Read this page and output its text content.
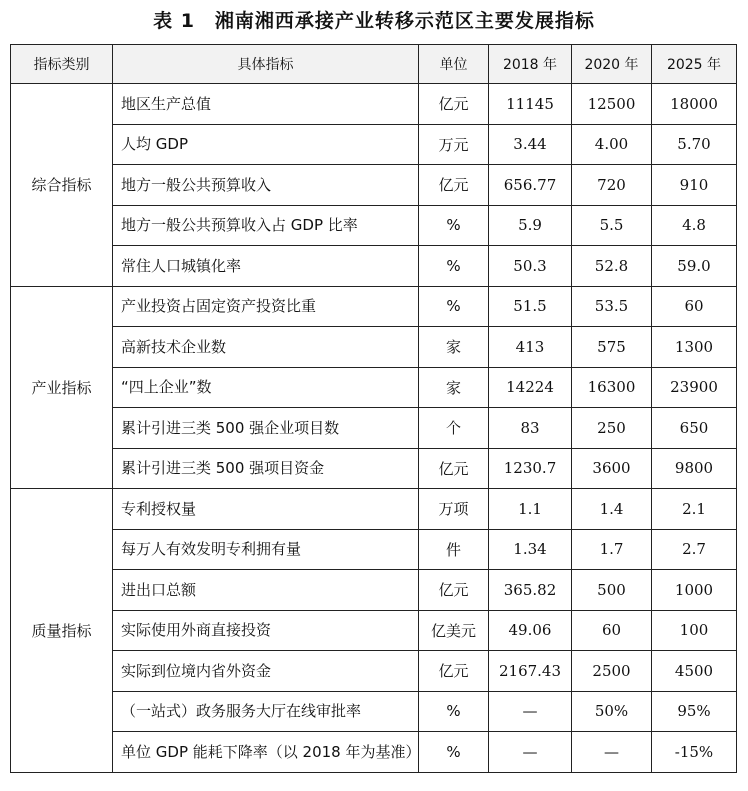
表 1　湘南湘西承接产业转移示范区主要发展指标
指标类别	具体指标	单位	2018 年	2020 年	2025 年
综合指标	地区生产总值	亿元	11145	12500	18000
	人均 GDP	万元	3.44	4.00	5.70
	地方一般公共预算收入	亿元	656.77	720	910
	地方一般公共预算收入占 GDP 比率	%	5.9	5.5	4.8
	常住人口城镇化率	%	50.3	52.8	59.0
产业指标	产业投资占固定资产投资比重	%	51.5	53.5	60
	高新技术企业数	家	413	575	1300
	“四上企业”数	家	14224	16300	23900
	累计引进三类 500 强企业项目数	个	83	250	650
	累计引进三类 500 强项目资金	亿元	1230.7	3600	9800
质量指标	专利授权量	万项	1.1	1.4	2.1
	每万人有效发明专利拥有量	件	1.34	1.7	2.7
	进出口总额	亿元	365.82	500	1000
	实际使用外商直接投资	亿美元	49.06	60	100
	实际到位境内省外资金	亿元	2167.43	2500	4500
	（一站式）政务服务大厅在线审批率	%	—	50%	95%
	单位 GDP 能耗下降率（以 2018 年为基准）	%	—	—	-15%
